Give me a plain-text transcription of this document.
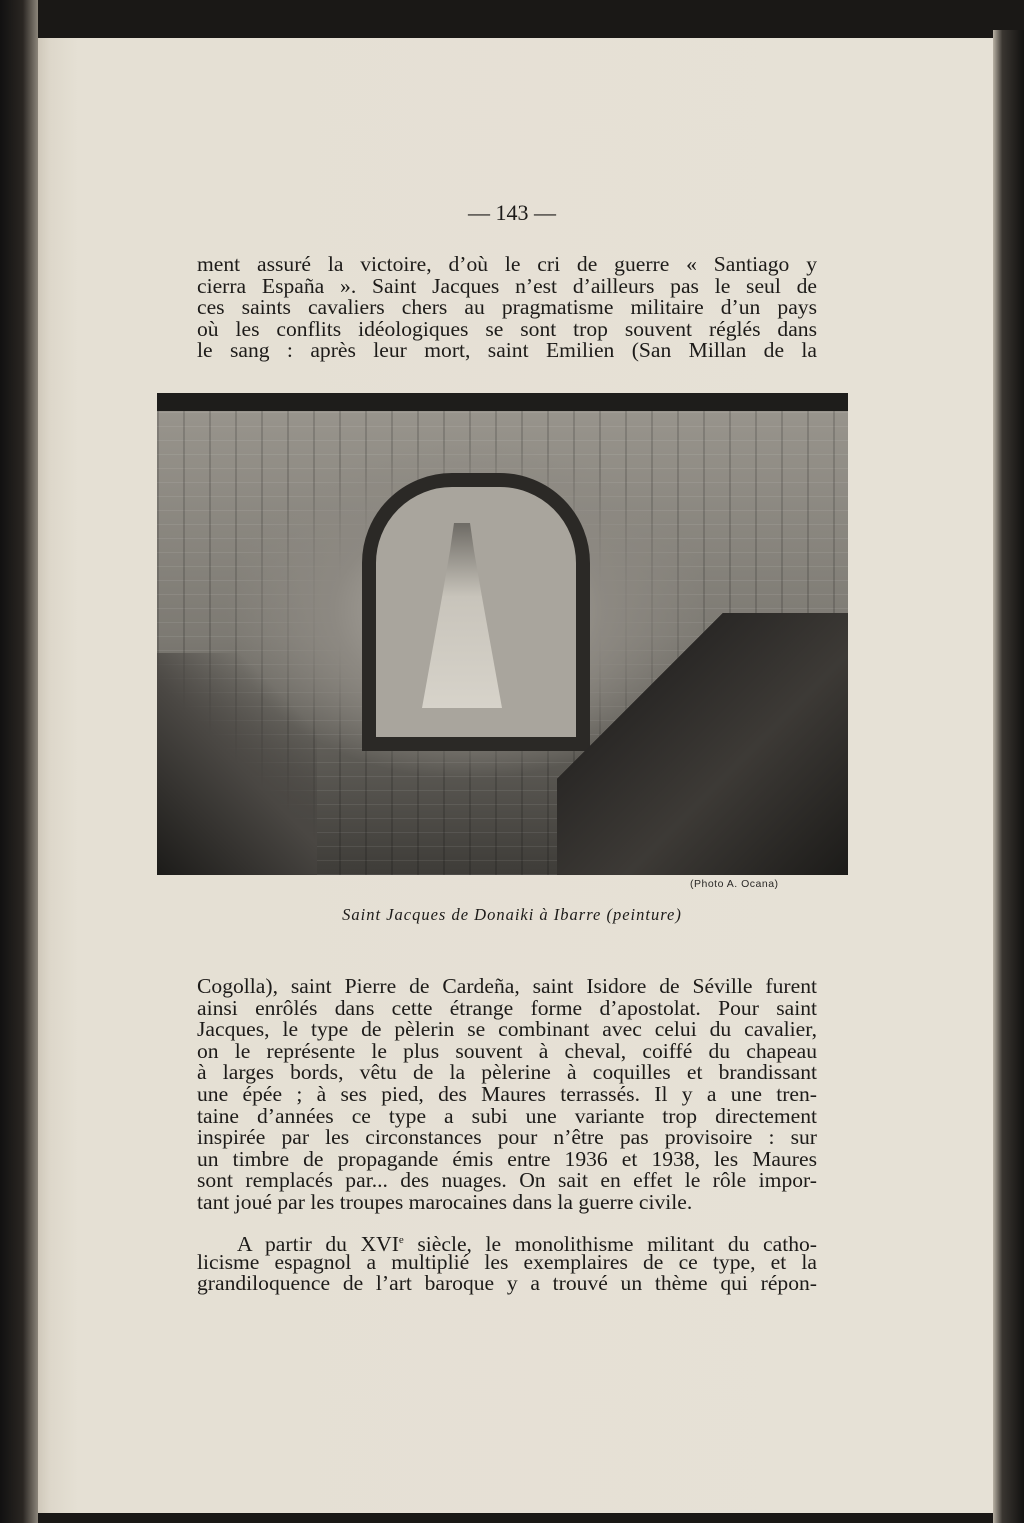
— 143 —
ment assuré la victoire, d’où le cri de guerre « Santiago y
cierra España ». Saint Jacques n’est d’ailleurs pas le seul de
ces saints cavaliers chers au pragmatisme militaire d’un pays
où les conflits idéologiques se sont trop souvent réglés dans
le sang : après leur mort, saint Emilien (San Millan de la
(Photo A. Ocana)
Saint Jacques de Donaiki à Ibarre (peinture)
Cogolla), saint Pierre de Cardeña, saint Isidore de Séville furent
ainsi enrôlés dans cette étrange forme d’apostolat. Pour saint
Jacques, le type de pèlerin se combinant avec celui du cavalier,
on le représente le plus souvent à cheval, coiffé du chapeau
à larges bords, vêtu de la pèlerine à coquilles et brandissant
une épée ; à ses pied, des Maures terrassés. Il y a une tren-
taine d’années ce type a subi une variante trop directement
inspirée par les circonstances pour n’être pas provisoire : sur
un timbre de propagande émis entre 1936 et 1938, les Maures
sont remplacés par... des nuages. On sait en effet le rôle impor-
tant joué par les troupes marocaines dans la guerre civile.
A partir du XVIe siècle, le monolithisme militant du catho-
licisme espagnol a multiplié les exemplaires de ce type, et la
grandiloquence de l’art baroque y a trouvé un thème qui répon-
